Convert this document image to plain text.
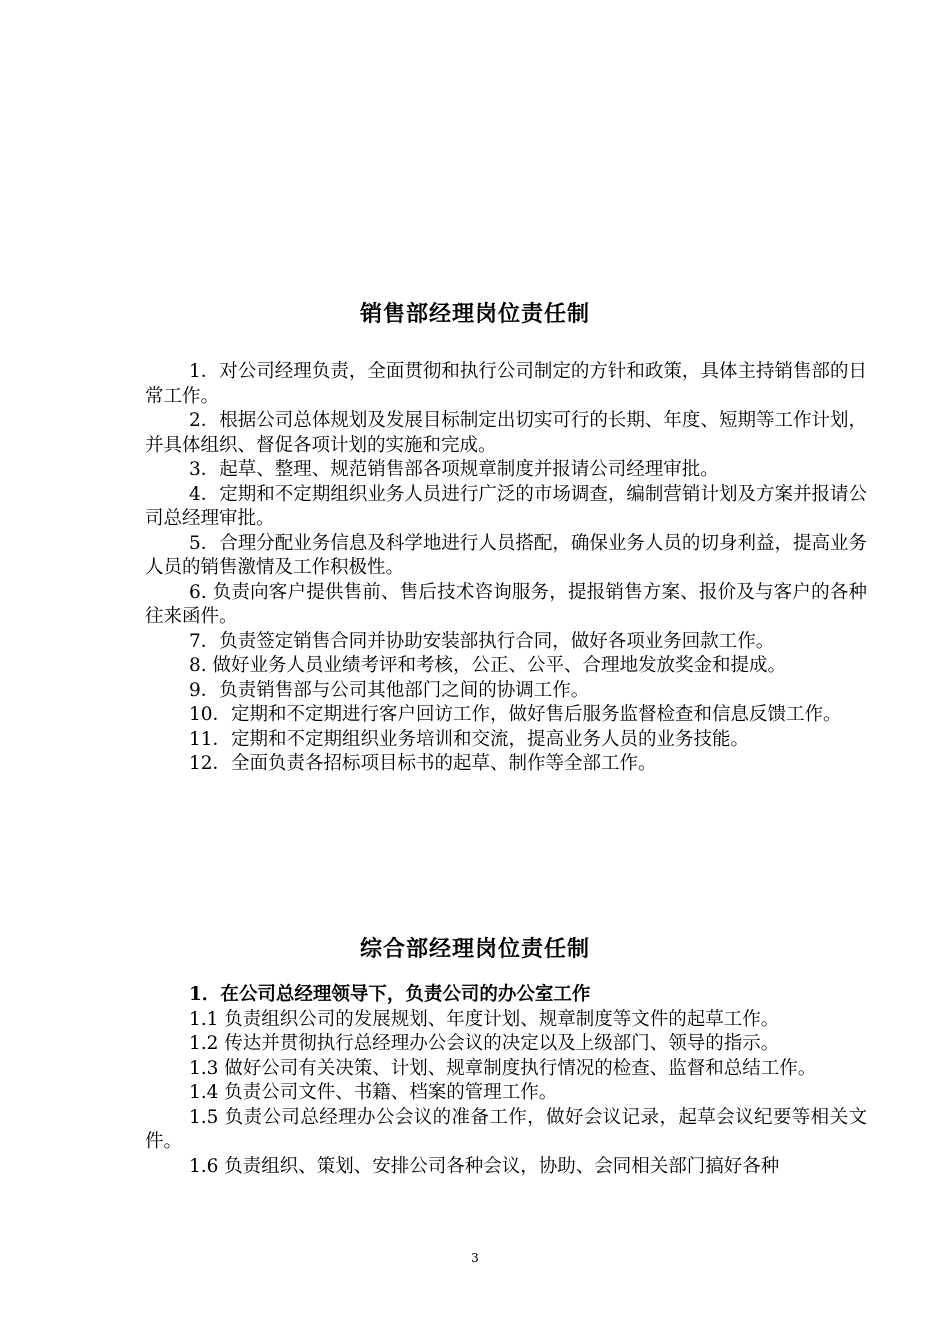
销售部经理岗位责任制

1．对公司经理负责，全面贯彻和执行公司制定的方针和政策，具体主持销售部的日常工作。

2．根据公司总体规划及发展目标制定出切实可行的长期、年度、短期等工作计划，并具体组织、督促各项计划的实施和完成。

3．起草、整理、规范销售部各项规章制度并报请公司经理审批。

4．定期和不定期组织业务人员进行广泛的市场调查，编制营销计划及方案并报请公司总经理审批。

5．合理分配业务信息及科学地进行人员搭配，确保业务人员的切身利益，提高业务人员的销售激情及工作积极性。

6. 负责向客户提供售前、售后技术咨询服务，提报销售方案、报价及与客户的各种往来函件。

7．负责签定销售合同并协助安装部执行合同，做好各项业务回款工作。

8. 做好业务人员业绩考评和考核，公正、公平、合理地发放奖金和提成。

9．负责销售部与公司其他部门之间的协调工作。

10．定期和不定期进行客户回访工作，做好售后服务监督检查和信息反馈工作。

11．定期和不定期组织业务培训和交流，提高业务人员的业务技能。

12．全面负责各招标项目标书的起草、制作等全部工作。

综合部经理岗位责任制

1．在公司总经理领导下，负责公司的办公室工作

1.1 负责组织公司的发展规划、年度计划、规章制度等文件的起草工作。

1.2 传达并贯彻执行总经理办公会议的决定以及上级部门、领导的指示。

1.3 做好公司有关决策、计划、规章制度执行情况的检查、监督和总结工作。

1.4 负责公司文件、书籍、档案的管理工作。

1.5 负责公司总经理办公会议的准备工作，做好会议记录，起草会议纪要等相关文件。

1.6 负责组织、策划、安排公司各种会议，协助、会同相关部门搞好各种

3
